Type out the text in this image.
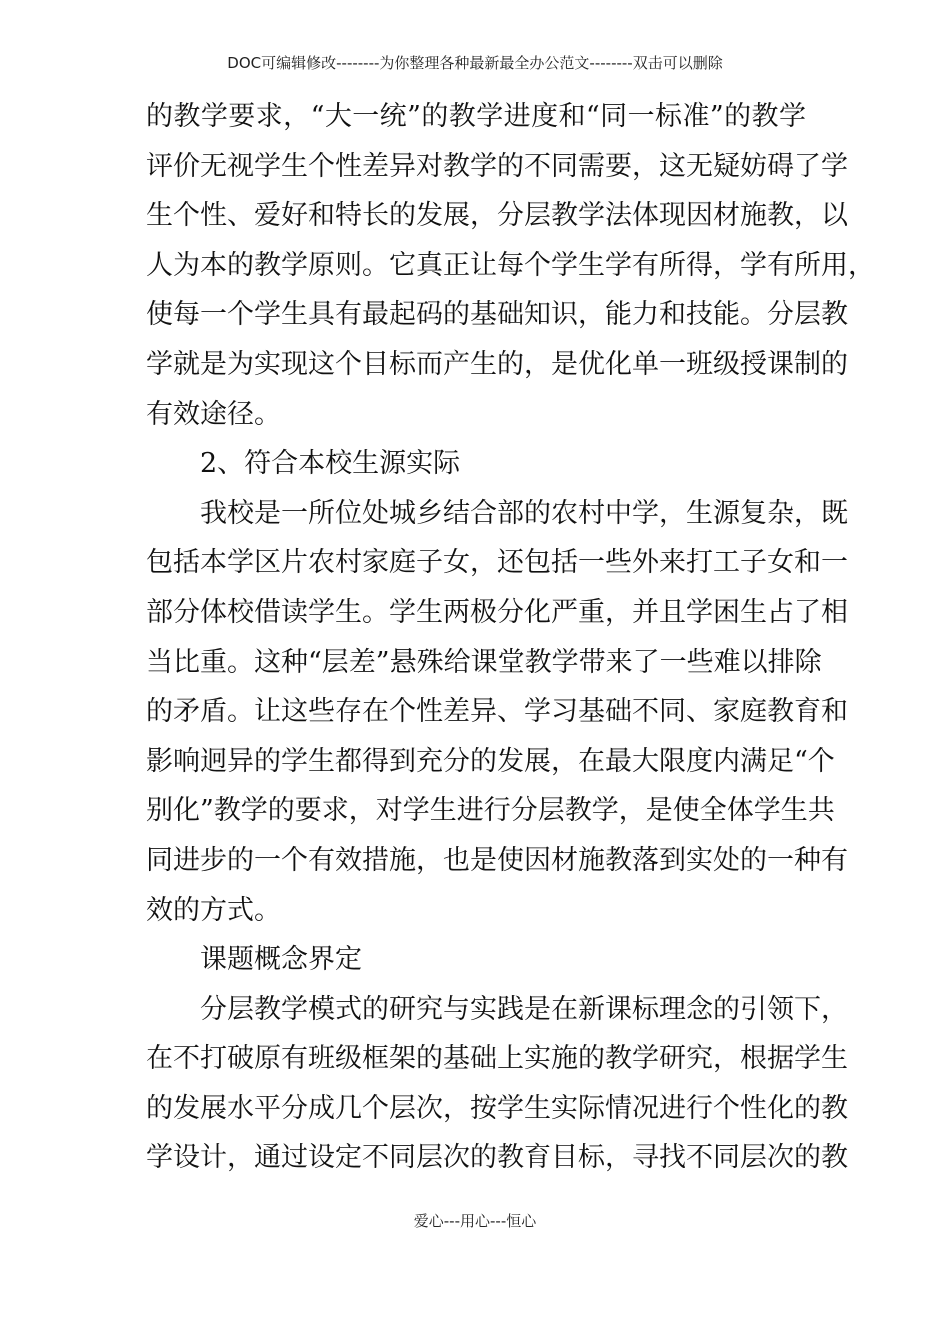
DOC可编辑修改--------为你整理各种最新最全办公范文--------双击可以删除
的教学要求，“大一统”的教学进度和“同一标准”的教学
评价无视学生个性差异对教学的不同需要，这无疑妨碍了学
生个性、爱好和特长的发展，分层教学法体现因材施教，以
人为本的教学原则。它真正让每个学生学有所得，学有所用，
使每一个学生具有最起码的基础知识，能力和技能。分层教
学就是为实现这个目标而产生的，是优化单一班级授课制的
有效途径。
2、符合本校生源实际
我校是一所位处城乡结合部的农村中学，生源复杂，既
包括本学区片农村家庭子女，还包括一些外来打工子女和一
部分体校借读学生。学生两极分化严重，并且学困生占了相
当比重。这种“层差”悬殊给课堂教学带来了一些难以排除
的矛盾。让这些存在个性差异、学习基础不同、家庭教育和
影响迥异的学生都得到充分的发展，在最大限度内满足“个
别化”教学的要求，对学生进行分层教学，是使全体学生共
同进步的一个有效措施，也是使因材施教落到实处的一种有
效的方式。
课题概念界定
分层教学模式的研究与实践是在新课标理念的引领下，
在不打破原有班级框架的基础上实施的教学研究，根据学生
的发展水平分成几个层次，按学生实际情况进行个性化的教
学设计，通过设定不同层次的教育目标，寻找不同层次的教
爱心---用心---恒心
